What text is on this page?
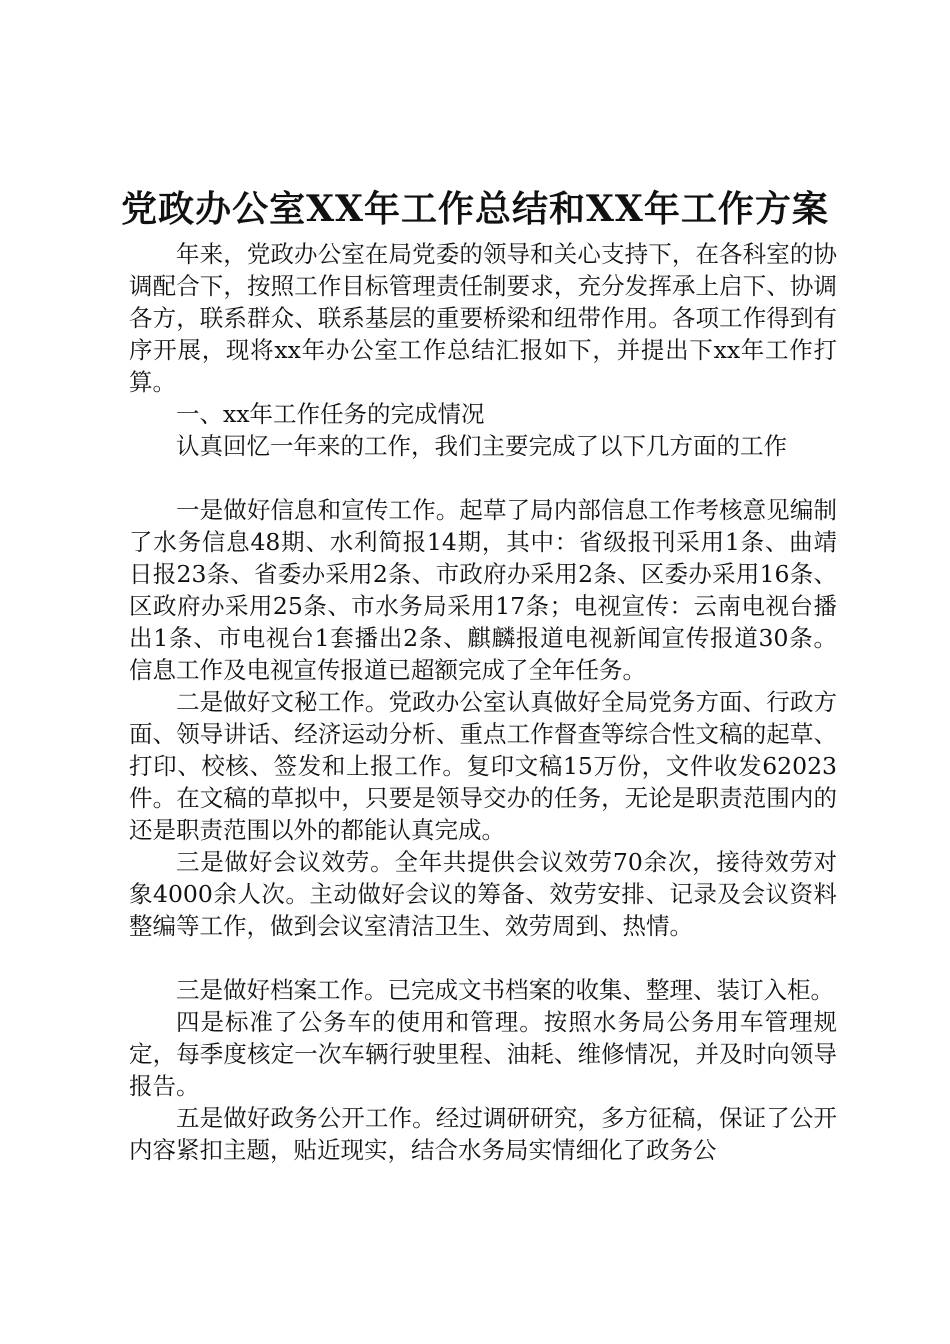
党政办公室XX年工作总结和XX年工作方案

年来，党政办公室在局党委的领导和关心支持下，在各科室的协调配合下，按照工作目标管理责任制要求，充分发挥承上启下、协调各方，联系群众、联系基层的重要桥梁和纽带作用。各项工作得到有序开展，现将xx年办公室工作总结汇报如下，并提出下xx年工作打算。

一、xx年工作任务的完成情况

认真回忆一年来的工作，我们主要完成了以下几方面的工作

一是做好信息和宣传工作。起草了局内部信息工作考核意见编制了水务信息48期、水利简报14期，其中：省级报刊采用1条、曲靖日报23条、省委办采用2条、市政府办采用2条、区委办采用16条、区政府办采用25条、市水务局采用17条；电视宣传：云南电视台播出1条、市电视台1套播出2条、麒麟报道电视新闻宣传报道30条。信息工作及电视宣传报道已超额完成了全年任务。

二是做好文秘工作。党政办公室认真做好全局党务方面、行政方面、领导讲话、经济运动分析、重点工作督查等综合性文稿的起草、打印、校核、签发和上报工作。复印文稿15万份，文件收发62023件。在文稿的草拟中，只要是领导交办的任务，无论是职责范围内的还是职责范围以外的都能认真完成。

三是做好会议效劳。全年共提供会议效劳70余次，接待效劳对象4000余人次。主动做好会议的筹备、效劳安排、记录及会议资料整编等工作，做到会议室清洁卫生、效劳周到、热情。

三是做好档案工作。已完成文书档案的收集、整理、装订入柜。

四是标准了公务车的使用和管理。按照水务局公务用车管理规定，每季度核定一次车辆行驶里程、油耗、维修情况，并及时向领导报告。

五是做好政务公开工作。经过调研研究，多方征稿，保证了公开内容紧扣主题，贴近现实，结合水务局实情细化了政务公
